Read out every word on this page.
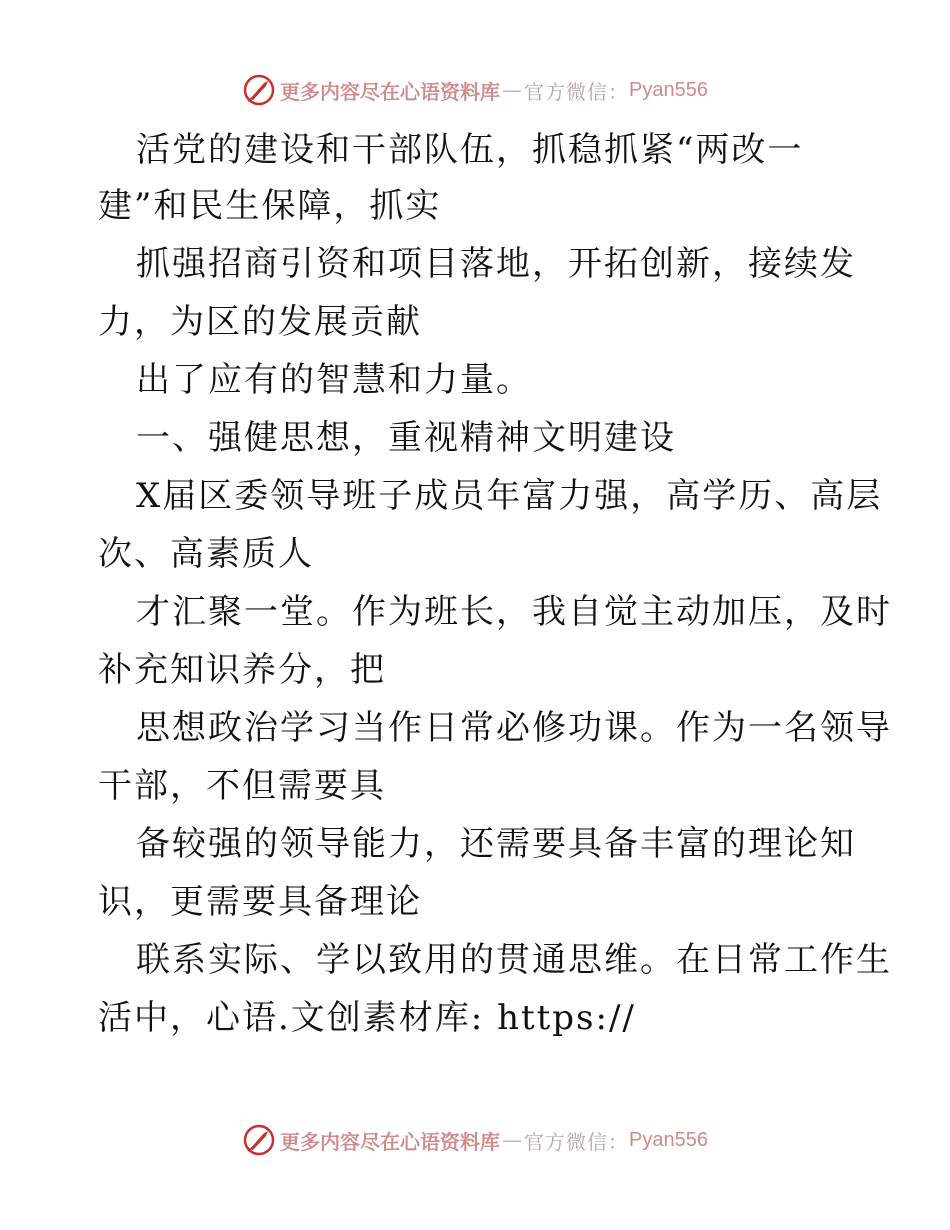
更多内容尽在心语资料库 — 官方微信： Pyan556
活党的建设和干部队伍，抓稳抓紧“两改一
建”和民生保障，抓实
抓强招商引资和项目落地，开拓创新，接续发
力，为区的发展贡献
出了应有的智慧和力量。
一、强健思想，重视精神文明建设
X届区委领导班子成员年富力强，高学历、高层
次、高素质人
才汇聚一堂。作为班长，我自觉主动加压，及时
补充知识养分，把
思想政治学习当作日常必修功课。作为一名领导
干部，不但需要具
备较强的领导能力，还需要具备丰富的理论知
识，更需要具备理论
联系实际、学以致用的贯通思维。在日常工作生
活中，心语.文创素材库: https://
更多内容尽在心语资料库 — 官方微信： Pyan556
